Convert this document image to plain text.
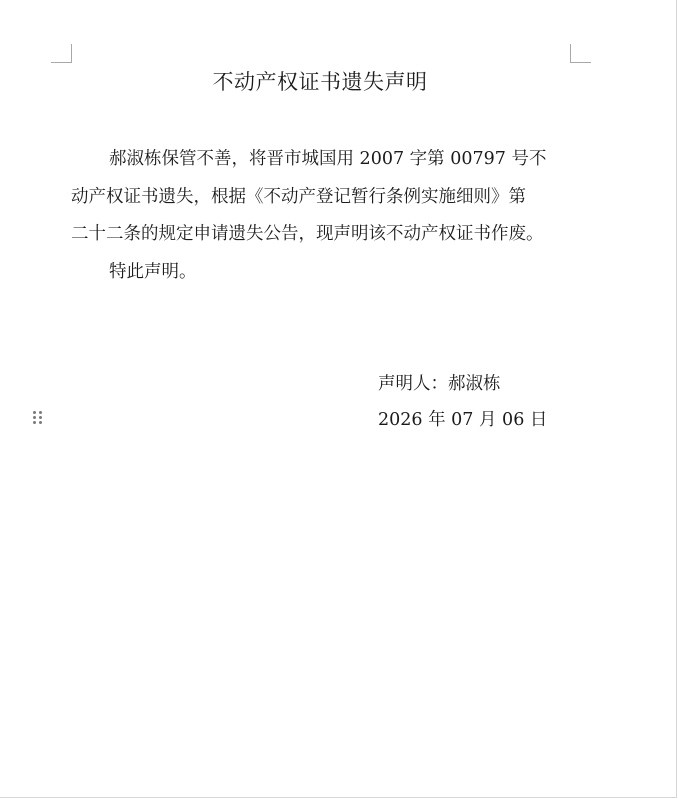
不动产权证书遗失声明
郝淑栋保管不善，将晋市城国用 2007 字第 00797 号不
动产权证书遗失，根据《不动产登记暂行条例实施细则》第
二十二条的规定申请遗失公告，现声明该不动产权证书作废。
特此声明。
声明人：郝淑栋
2026 年 07 月 06 日
